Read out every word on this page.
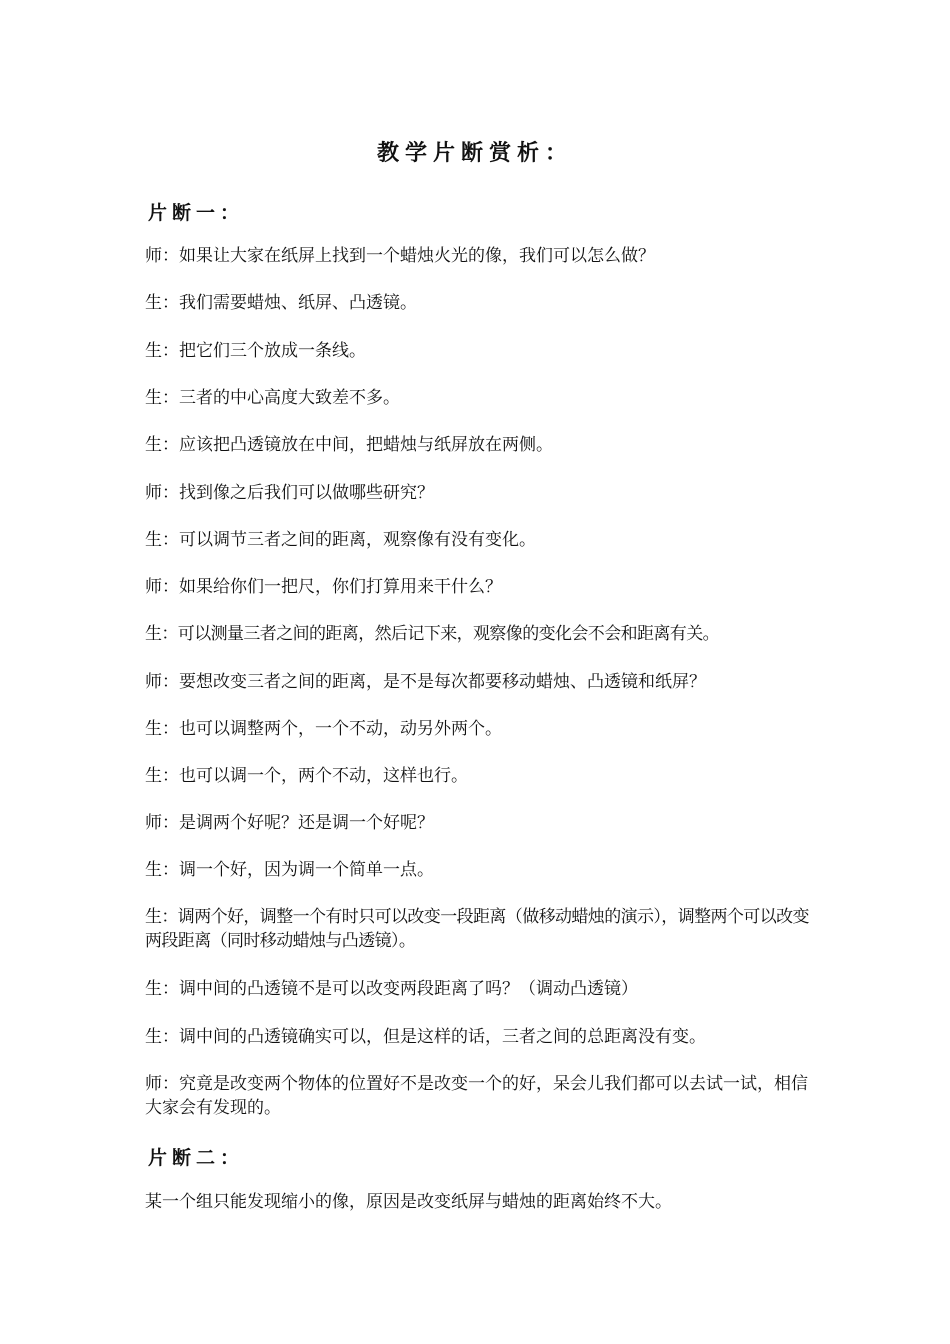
教学片断赏析：
片断一：
师：如果让大家在纸屏上找到一个蜡烛火光的像，我们可以怎么做？
生：我们需要蜡烛、纸屏、凸透镜。
生：把它们三个放成一条线。
生：三者的中心高度大致差不多。
生：应该把凸透镜放在中间，把蜡烛与纸屏放在两侧。
师：找到像之后我们可以做哪些研究？
生：可以调节三者之间的距离，观察像有没有变化。
师：如果给你们一把尺，你们打算用来干什么？
生：可以测量三者之间的距离，然后记下来，观察像的变化会不会和距离有关。
师：要想改变三者之间的距离，是不是每次都要移动蜡烛、凸透镜和纸屏？
生：也可以调整两个，一个不动，动另外两个。
生：也可以调一个，两个不动，这样也行。
师：是调两个好呢？还是调一个好呢？
生：调一个好，因为调一个简单一点。
生：调两个好，调整一个有时只可以改变一段距离（做移动蜡烛的演示），调整两个可以改变两段距离（同时移动蜡烛与凸透镜）。
生：调中间的凸透镜不是可以改变两段距离了吗？（调动凸透镜）
生：调中间的凸透镜确实可以，但是这样的话，三者之间的总距离没有变。
师：究竟是改变两个物体的位置好不是改变一个的好，呆会儿我们都可以去试一试，相信大家会有发现的。
片断二：
某一个组只能发现缩小的像，原因是改变纸屏与蜡烛的距离始终不大。
